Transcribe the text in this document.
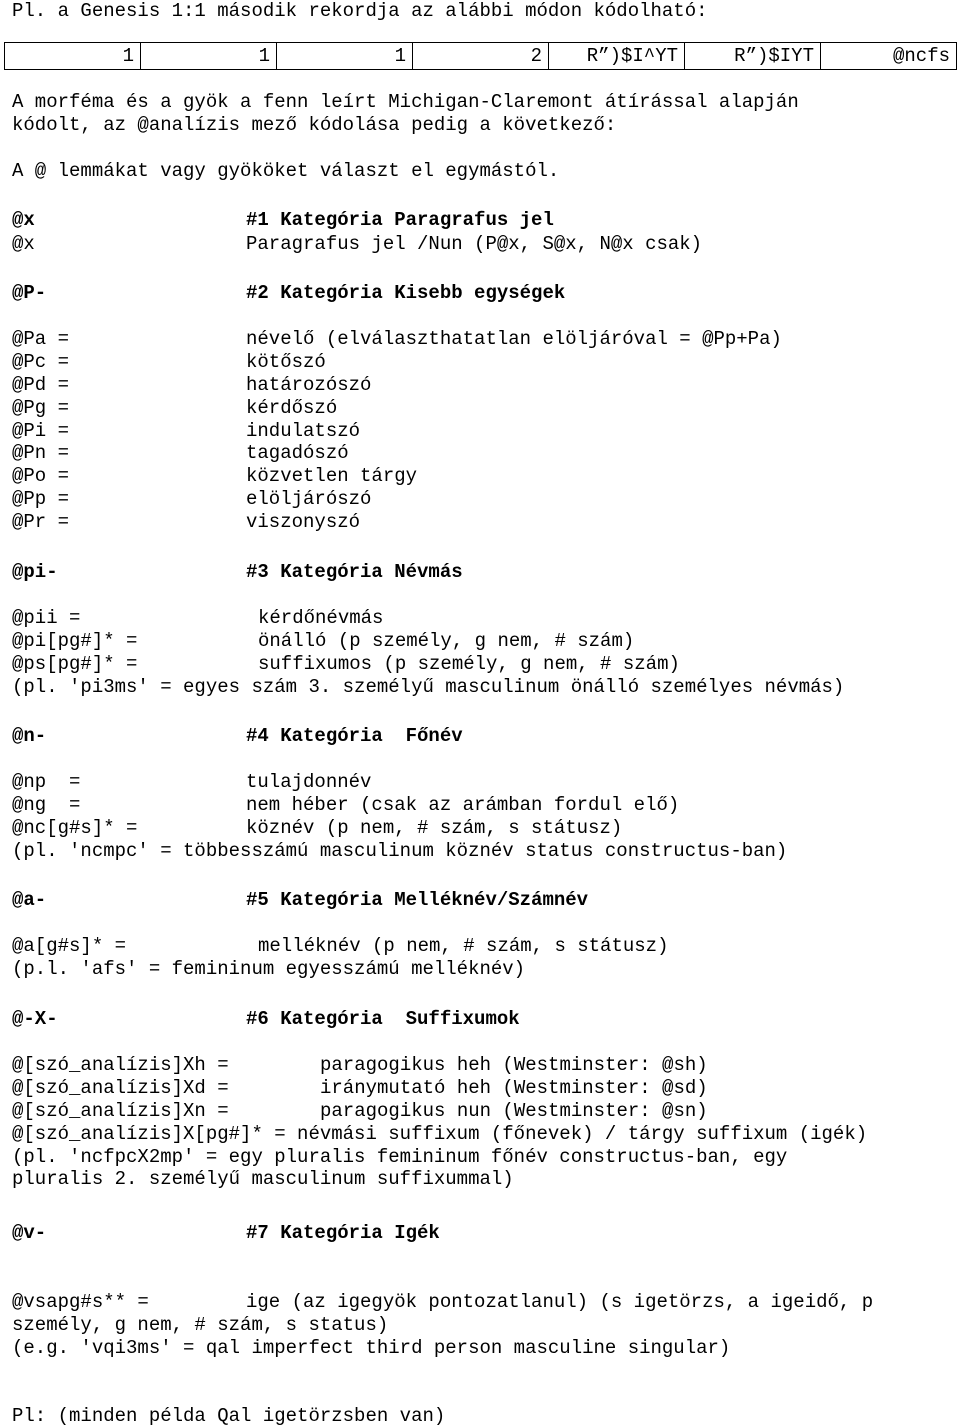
Pl. a Genesis 1:1 második rekordja az alábbi módon kódolható:
1	1	1	2	R”)$I^YT	R”)$IYT	@ncfs
A morféma és a gyök a fenn leírt Michigan-Claremont átírással alapján
kódolt, az @analízis mező kódolása pedig a következő:
A @ lemmákat vagy gyököket választ el egymástól.
@x	#1 Kategória Paragrafus jel
@x	Paragrafus jel /Nun (P@x, S@x, N@x csak)
@P-	#2 Kategória Kisebb egységek
@Pa =	névelő (elválaszthatatlan elöljáróval = @Pp+Pa)
@Pc =	kötőszó
@Pd =	határozószó
@Pg =	kérdőszó
@Pi =	indulatszó
@Pn =	tagadószó
@Po =	közvetlen tárgy
@Pp =	elöljárószó
@Pr =	viszonyszó
@pi-	#3 Kategória Névmás
@pii =	kérdőnévmás
@pi[pg#]* =	önálló (p személy, g nem, # szám)
@ps[pg#]* =	suffixumos (p személy, g nem, # szám)
(pl. 'pi3ms' = egyes szám 3. személyű masculinum önálló személyes névmás)
@n-	#4 Kategória  Főnév
@np  =	tulajdonnév
@ng  =	nem héber (csak az arámban fordul elő)
@nc[g#s]* =	köznév (p nem, # szám, s státusz)
(pl. 'ncmpc' = többesszámú masculinum köznév status constructus-ban)
@a-	#5 Kategória Melléknév/Számnév
@a[g#s]* =	melléknév (p nem, # szám, s státusz)
(p.l. 'afs' = femininum egyesszámú melléknév)
@-X-	#6 Kategória  Suffixumok
@[szó_analízis]Xh =	paragogikus heh (Westminster: @sh)
@[szó_analízis]Xd =	iránymutató heh (Westminster: @sd)
@[szó_analízis]Xn =	paragogikus nun (Westminster: @sn)
@[szó_analízis]X[pg#]* = névmási suffixum (főnevek) / tárgy suffixum (igék)
(pl. 'ncfpcX2mp' = egy pluralis femininum főnév constructus-ban, egy
pluralis 2. személyű masculinum suffixummal)
@v-	#7 Kategória Igék
@vsapg#s** =	ige (az igegyök pontozatlanul) (s igetörzs, a igeidő, p
személy, g nem, # szám, s status)
(e.g. 'vqi3ms' = qal imperfect third person masculine singular)
Pl: (minden példa Qal igetörzsben van)
